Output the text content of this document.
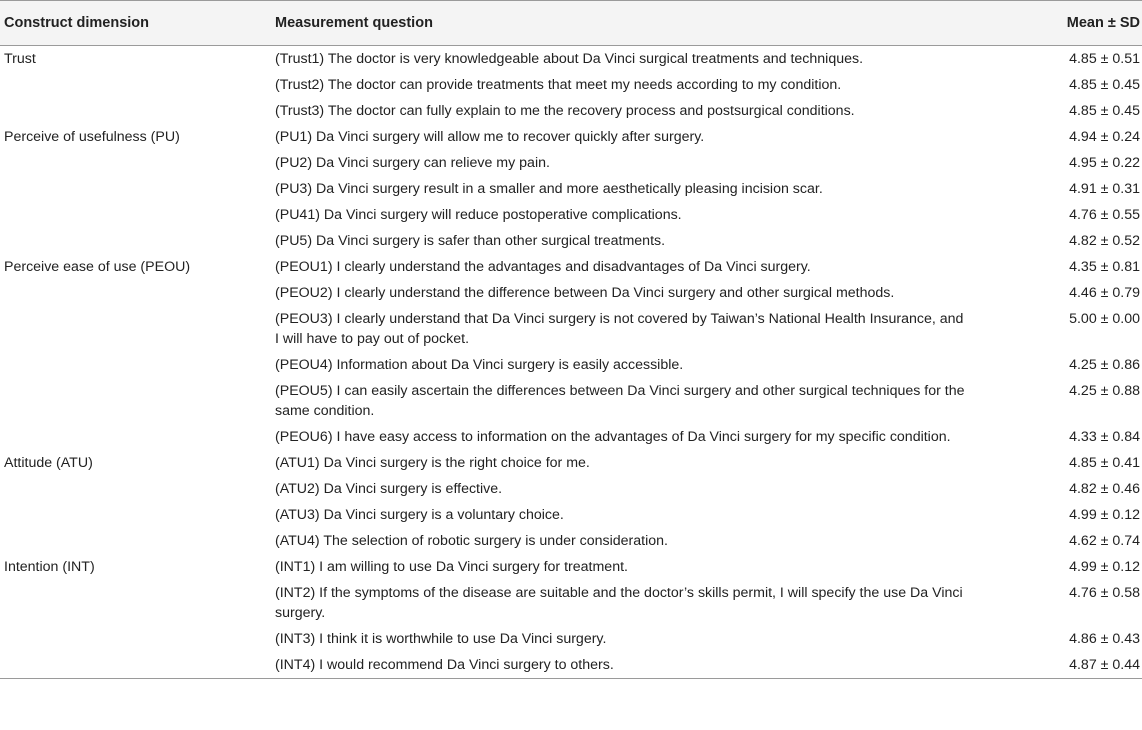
Construct dimension	Measurement question	Mean ± SD
Trust	(Trust1) The doctor is very knowledgeable about Da Vinci surgical treatments and techniques.	4.85 ± 0.51
	(Trust2) The doctor can provide treatments that meet my needs according to my condition.	4.85 ± 0.45
	(Trust3) The doctor can fully explain to me the recovery process and postsurgical conditions.	4.85 ± 0.45
Perceive of usefulness (PU)	(PU1) Da Vinci surgery will allow me to recover quickly after surgery.	4.94 ± 0.24
	(PU2) Da Vinci surgery can relieve my pain.	4.95 ± 0.22
	(PU3) Da Vinci surgery result in a smaller and more aesthetically pleasing incision scar.	4.91 ± 0.31
	(PU41) Da Vinci surgery will reduce postoperative complications.	4.76 ± 0.55
	(PU5) Da Vinci surgery is safer than other surgical treatments.	4.82 ± 0.52
Perceive ease of use (PEOU)	(PEOU1) I clearly understand the advantages and disadvantages of Da Vinci surgery.	4.35 ± 0.81
	(PEOU2) I clearly understand the difference between Da Vinci surgery and other surgical methods.	4.46 ± 0.79
	(PEOU3) I clearly understand that Da Vinci surgery is not covered by Taiwan’s National Health Insurance, and I will have to pay out of pocket.	5.00 ± 0.00
	(PEOU4) Information about Da Vinci surgery is easily accessible.	4.25 ± 0.86
	(PEOU5) I can easily ascertain the differences between Da Vinci surgery and other surgical techniques for the same condition.	4.25 ± 0.88
	(PEOU6) I have easy access to information on the advantages of Da Vinci surgery for my specific condition.	4.33 ± 0.84
Attitude (ATU)	(ATU1) Da Vinci surgery is the right choice for me.	4.85 ± 0.41
	(ATU2) Da Vinci surgery is effective.	4.82 ± 0.46
	(ATU3) Da Vinci surgery is a voluntary choice.	4.99 ± 0.12
	(ATU4) The selection of robotic surgery is under consideration.	4.62 ± 0.74
Intention (INT)	(INT1) I am willing to use Da Vinci surgery for treatment.	4.99 ± 0.12
	(INT2) If the symptoms of the disease are suitable and the doctor’s skills permit, I will specify the use Da Vinci surgery.	4.76 ± 0.58
	(INT3) I think it is worthwhile to use Da Vinci surgery.	4.86 ± 0.43
	(INT4) I would recommend Da Vinci surgery to others.	4.87 ± 0.44
